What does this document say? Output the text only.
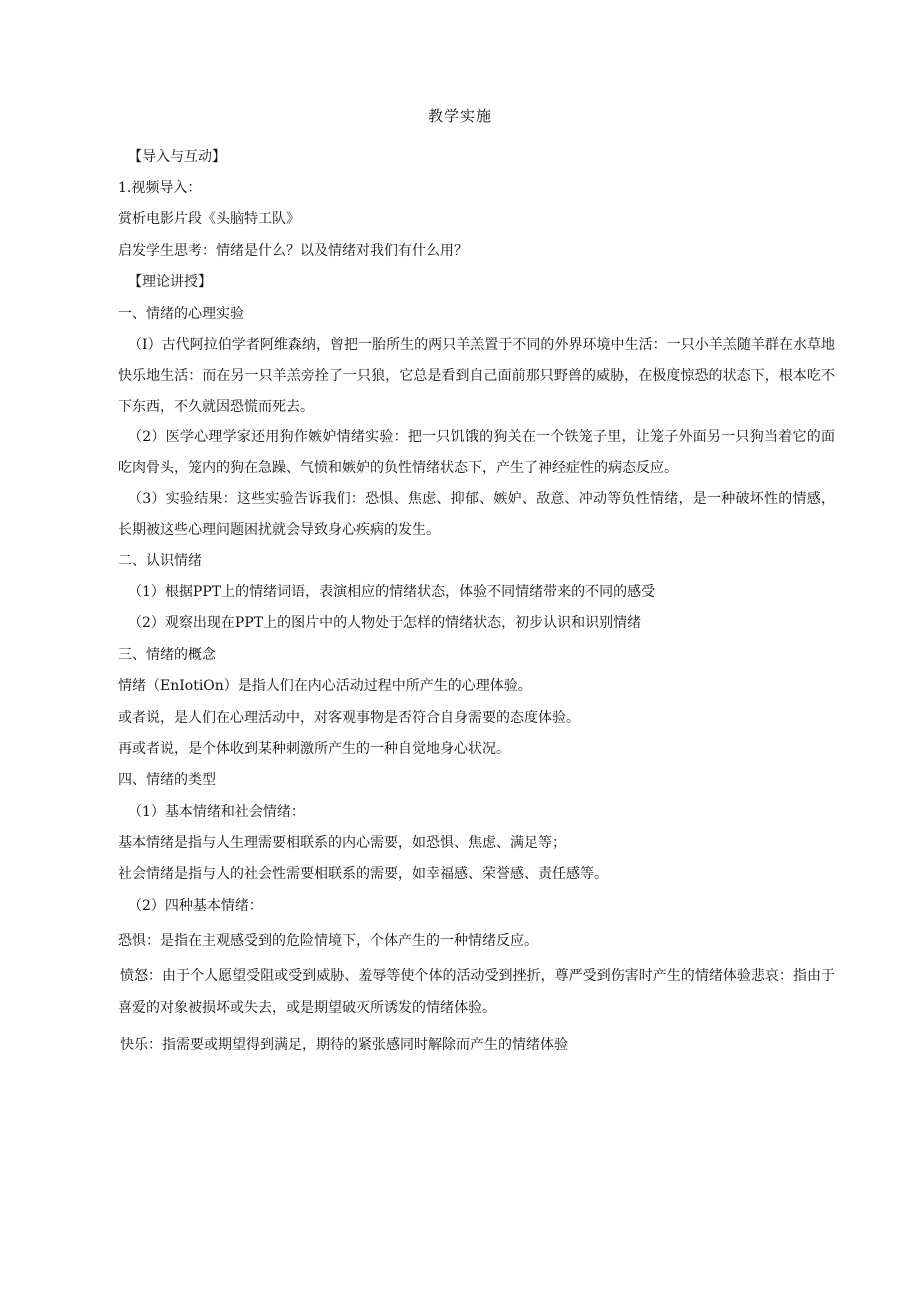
教学实施
【导入与互动】
1.视频导入：
赏析电影片段《头脑特工队》
启发学生思考：情绪是什么？以及情绪对我们有什么用？
【理论讲授】
一、情绪的心理实验
（I）古代阿拉伯学者阿维森纳，曾把一胎所生的两只羊羔置于不同的外界环境中生活：一只小羊羔随羊群在水草地快乐地生活：而在另一只羊羔旁拴了一只狼，它总是看到自己面前那只野兽的威胁，在极度惊恐的状态下，根本吃不下东西，不久就因恐慌而死去。
（2）医学心理学家还用狗作嫉妒情绪实验：把一只饥饿的狗关在一个铁笼子里，让笼子外面另一只狗当着它的面吃肉骨头，笼内的狗在急躁、气愤和嫉妒的负性情绪状态下，产生了神经症性的病态反应。
（3）实验结果：这些实验告诉我们：恐惧、焦虑、抑郁、嫉妒、敌意、冲动等负性情绪，是一种破坏性的情感，长期被这些心理问题困扰就会导致身心疾病的发生。
二、认识情绪
（1）根据PPT上的情绪词语，表演相应的情绪状态，体验不同情绪带来的不同的感受
（2）观察出现在PPT上的图片中的人物处于怎样的情绪状态，初步认识和识别情绪
三、情绪的概念
情绪（EnIotiOn）是指人们在内心活动过程中所产生的心理体验。
或者说，是人们在心理活动中，对客观事物是否符合自身需要的态度体验。
再或者说，是个体收到某种刺激所产生的一种自觉地身心状况。
四、情绪的类型
（1）基本情绪和社会情绪：
基本情绪是指与人生理需要相联系的内心需要，如恐惧、焦虑、满足等；
社会情绪是指与人的社会性需要相联系的需要，如幸福感、荣誉感、责任感等。
（2）四种基本情绪：
恐惧：是指在主观感受到的危险情境下，个体产生的一种情绪反应。
愤怒：由于个人愿望受阻或受到威胁、羞辱等使个体的活动受到挫折，尊严受到伤害时产生的情绪体验悲哀：指由于喜爱的对象被损坏或失去，或是期望破灭所诱发的情绪体验。
快乐：指需要或期望得到满足，期待的紧张感同时解除而产生的情绪体验
